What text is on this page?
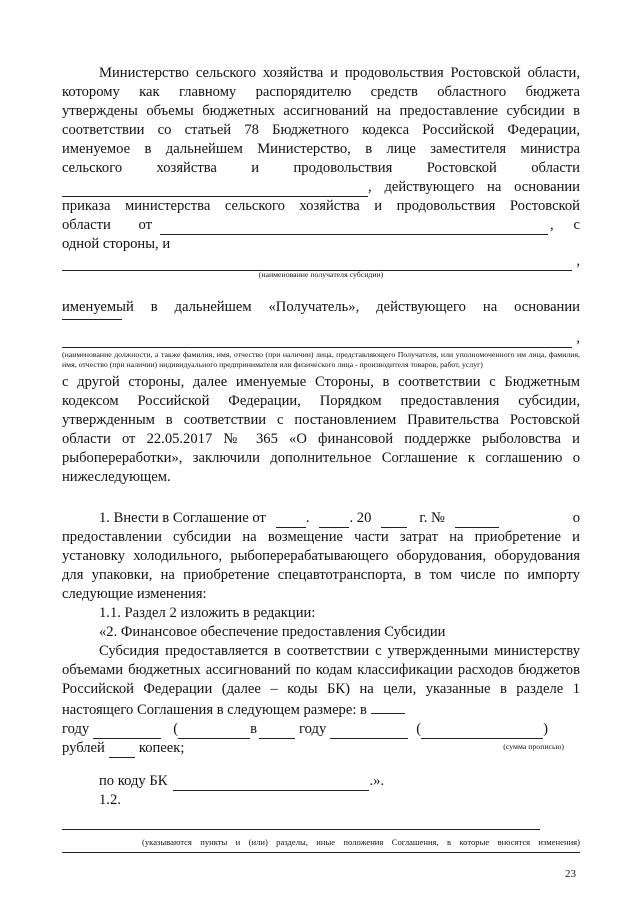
Министерство сельского хозяйства и продовольствия Ростовской области,

которому как главному распорядителю средств областного бюджета

утверждены объемы бюджетных ассигнований на предоставление субсидии в

соответствии со статьей 78 Бюджетного кодекса Российской Федерации,

именуемое в дальнейшем Министерство, в лице заместителя министра

сельского хозяйства и продовольствия Ростовской области

, действующего на основании

приказа министерства сельского хозяйства и продовольствия Ростовской

области от	, с

одной стороны, и

,

(наименование получателя субсидии)

именуемый в дальнейшем «Получатель», действующего на основании

,

(наименование должности, а также фамилия, имя, отчество (при наличии) лица, представляющего Получателя, или уполномоченного им лица, фамилия, имя, отчество (при наличии) индивидуального предпринимателя или физического лица - производителя товаров, работ, услуг)

с другой стороны, далее именуемые Стороны, в соответствии с Бюджетным кодексом Российской Федерации, Порядком предоставления субсидии, утвержденным в соответствии с постановлением Правительства Ростовской области от 22.05.2017 № 365 «О финансовой поддержке рыболовства и рыбопереработки», заключили дополнительное Соглашение к соглашению о нижеследующем.

1. Внести в Соглашение от	.	. 20	г. №	о

предоставлении субсидии на возмещение части затрат на приобретение и установку холодильного, рыбоперерабатывающего оборудования, оборудования для упаковки, на приобретение спецавтотранспорта, в том числе по импорту следующие изменения:

1.1. Раздел 2 изложить в редакции:

«2. Финансовое обеспечение предоставления Субсидии

Субсидия предоставляется в соответствии с утвержденными министерству объемами бюджетных ассигнований по кодам классификации расходов бюджетов Российской Федерации (далее – коды БК) на цели, указанные в разделе 1 настоящего Соглашения в следующем размере: в

году	(	в	году	(	)
рублей копеек;	(сумма прописью)
по коду БК	.».

1.2.

(указываются пункты и (или) разделы, иные положения Соглашения, в которые вносятся изменения)

23
